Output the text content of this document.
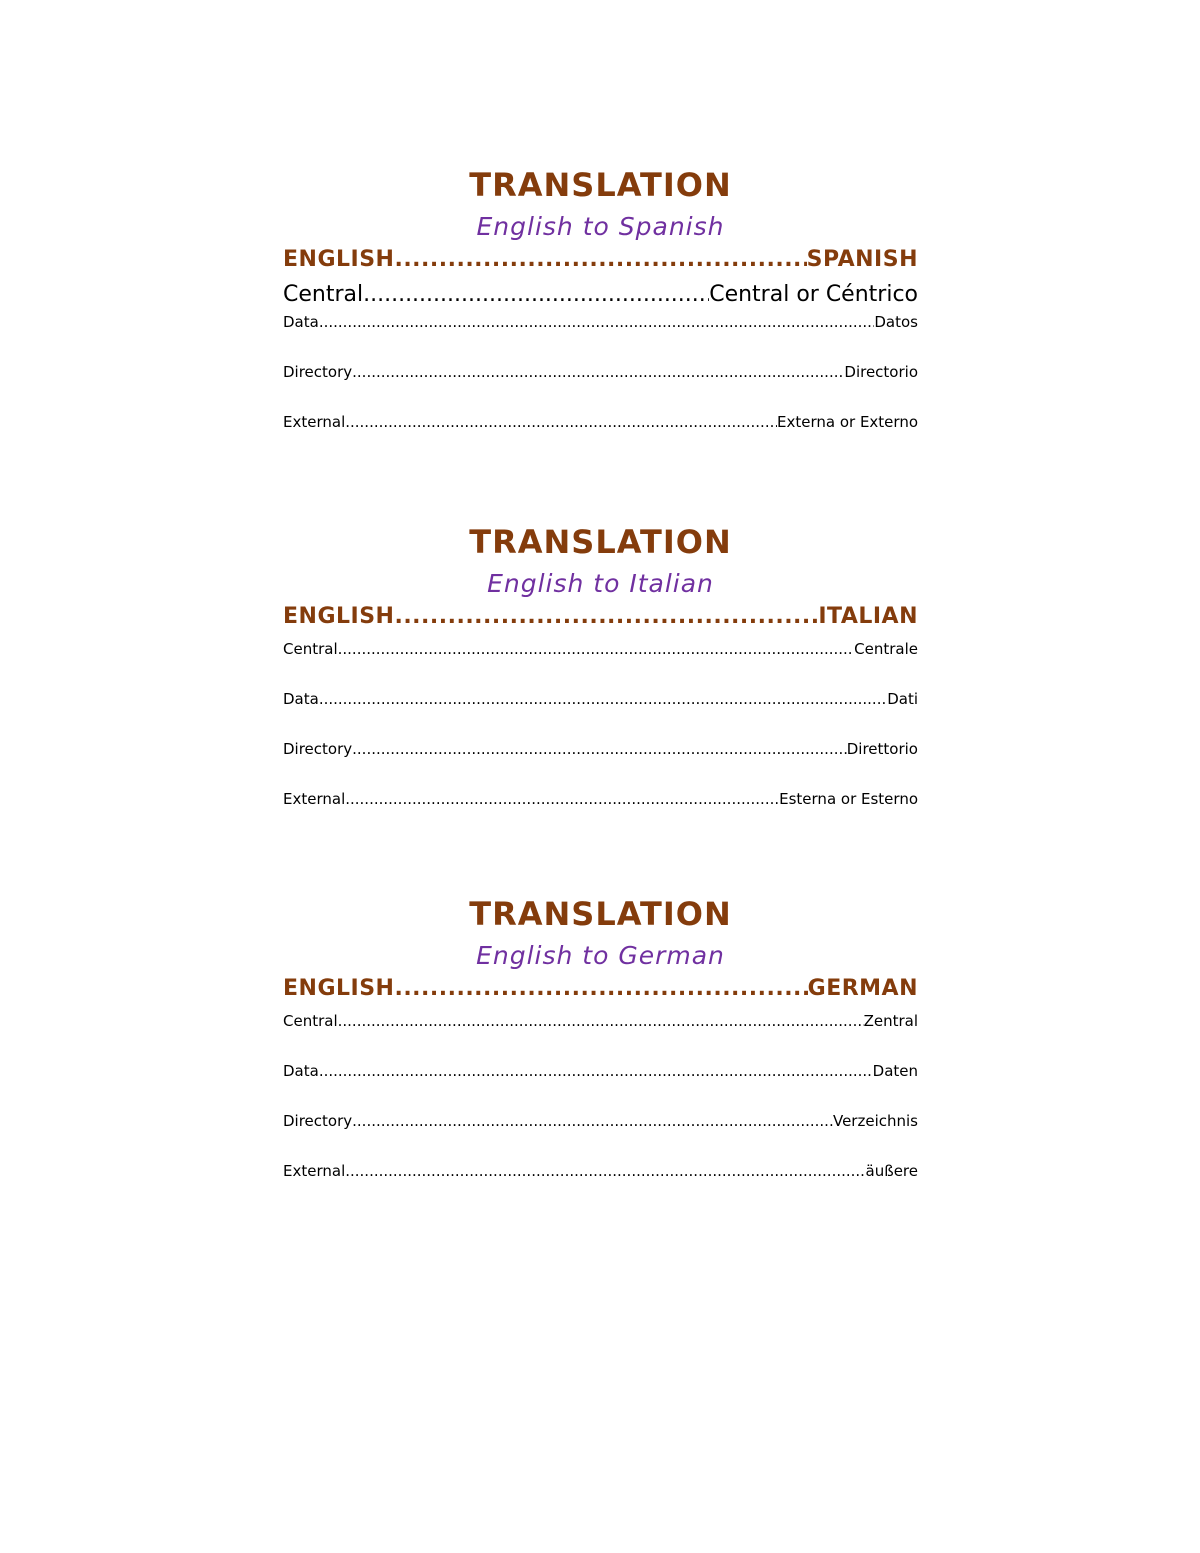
TRANSLATION
English to Spanish
ENGLISH .....	SPANISH
Central .....	Central or Céntrico
Data .....	Datos
Directory .....	Directorio
External .....	Externa or Externo
TRANSLATION
English to Italian
ENGLISH .....	ITALIAN
Central .....	Centrale
Data .....	Dati
Directory .....	Direttorio
External .....	Esterna or Esterno
TRANSLATION
English to German
ENGLISH .....	GERMAN
Central .....	Zentral
Data .....	Daten
Directory .....	Verzeichnis
External .....	äußere
